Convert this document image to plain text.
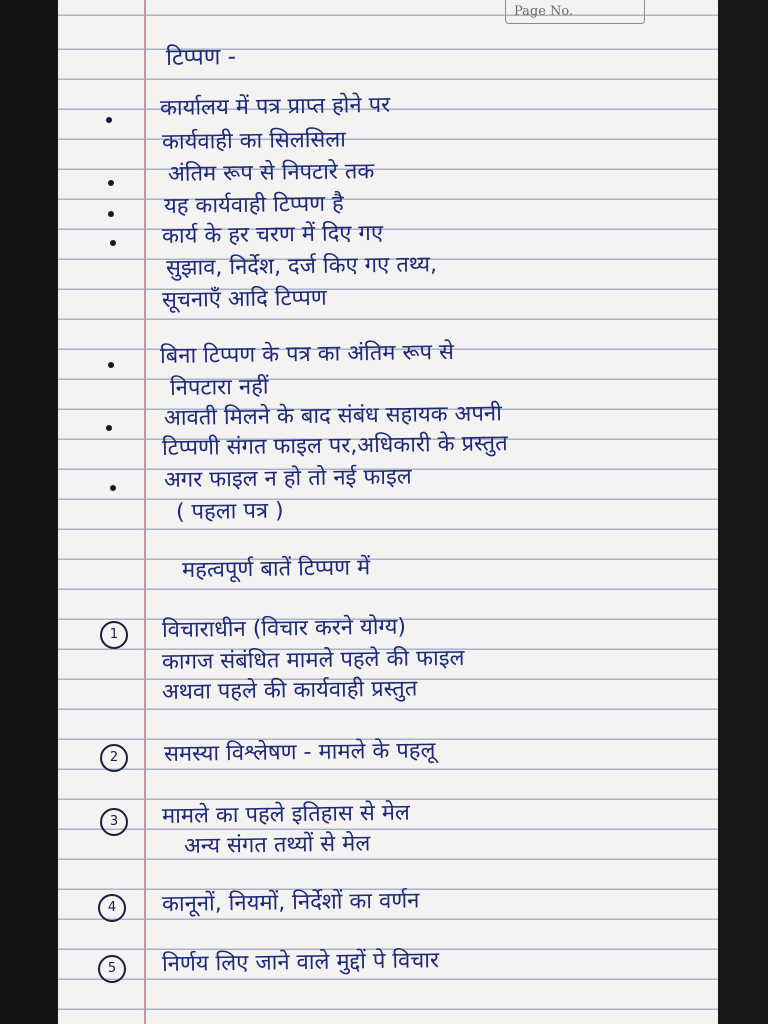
Page No.
टिप्पण -
कार्यालय में पत्र प्राप्त होने पर
कार्यवाही का सिलसिला
अंतिम रूप से निपटारे तक
यह कार्यवाही टिप्पण है
कार्य के हर चरण में दिए गए
सुझाव, निर्देश, दर्ज किए गए तथ्य,
सूचनाएँ आदि टिप्पण
बिना टिप्पण के पत्र का अंतिम रूप से
निपटारा नहीं
आवती मिलने के बाद संबंध सहायक अपनी
टिप्पणी संगत फाइल पर,अधिकारी के प्रस्तुत
अगर फाइल न हो तो नई फाइल
( पहला पत्र )
महत्वपूर्ण बातें टिप्पण में
1	विचाराधीन (विचार करने योग्य)
कागज संबंधित मामले पहले की फाइल
अथवा पहले की कार्यवाही प्रस्तुत
2	समस्या विश्लेषण - मामले के पहलू
3	मामले का पहले इतिहास से मेल
अन्य संगत तथ्यों से मेल
4	कानूनों, नियमों, निर्देशों का वर्णन
5	निर्णय लिए जाने वाले मुद्दों पे विचार
